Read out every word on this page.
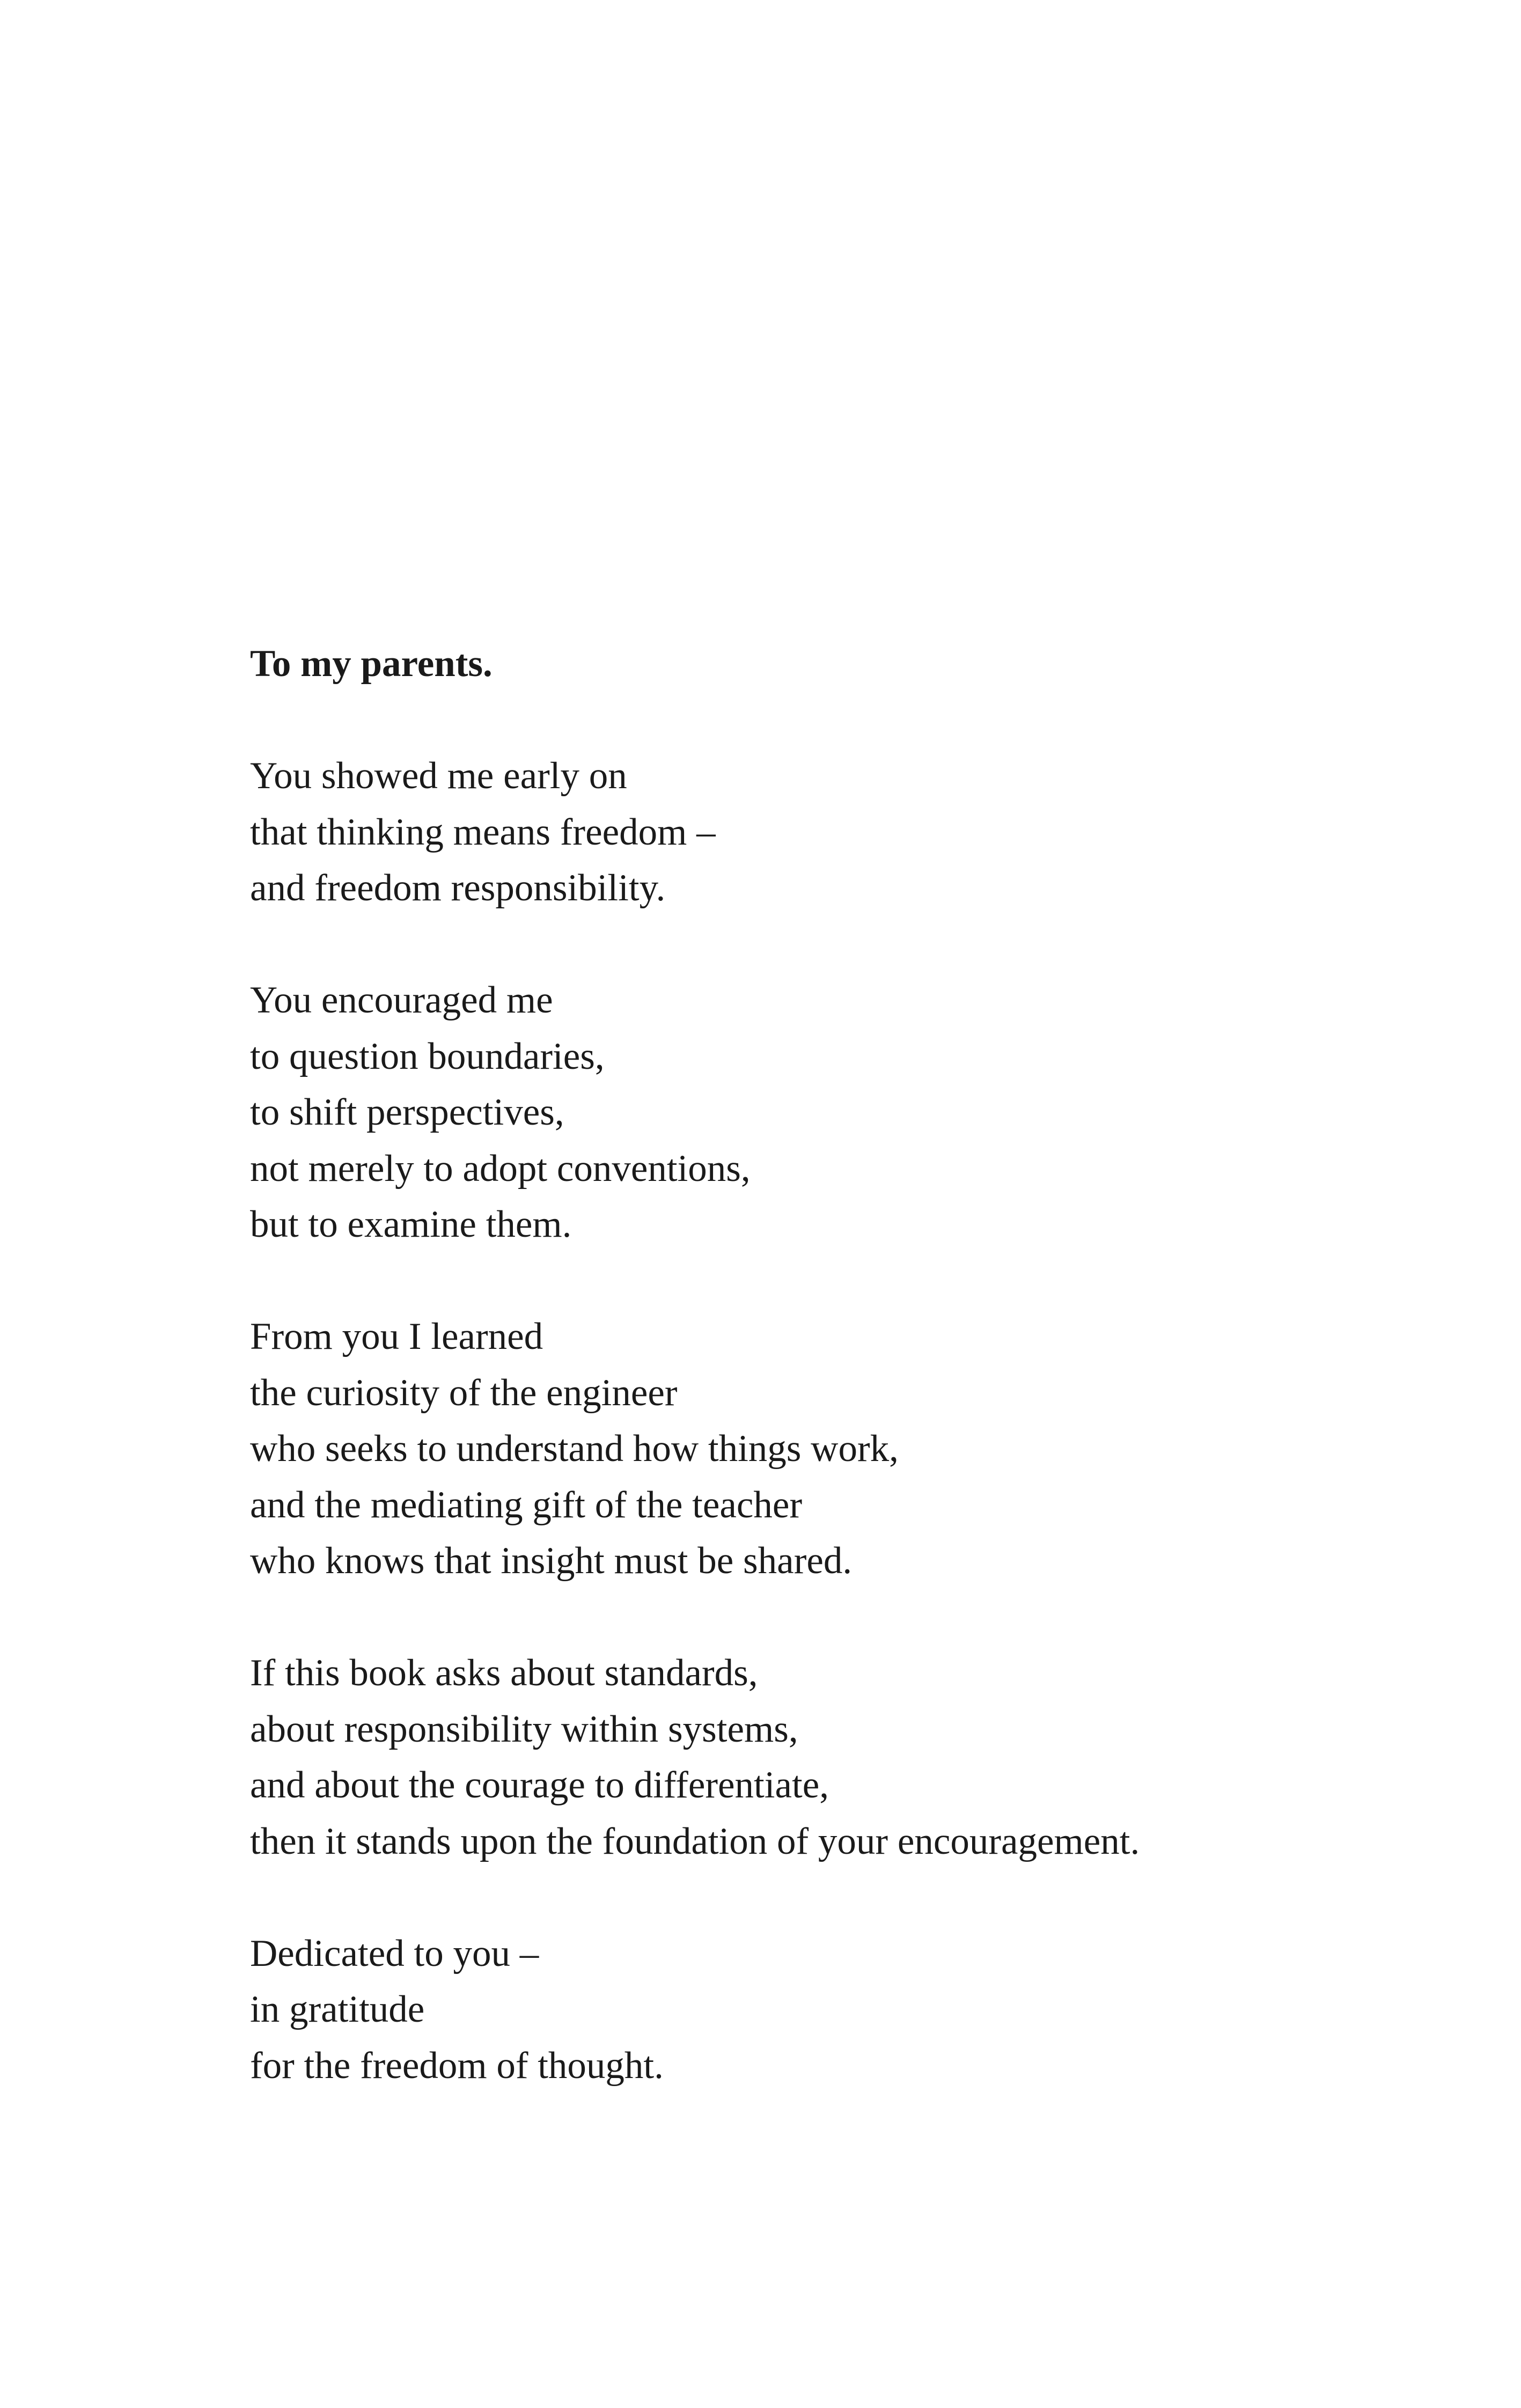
To my parents.

You showed me early on
that thinking means freedom –
and freedom responsibility.

You encouraged me
to question boundaries,
to shift perspectives,
not merely to adopt conventions,
but to examine them.

From you I learned
the curiosity of the engineer
who seeks to understand how things work,
and the mediating gift of the teacher
who knows that insight must be shared.

If this book asks about standards,
about responsibility within systems,
and about the courage to differentiate,
then it stands upon the foundation of your encouragement.

Dedicated to you –
in gratitude
for the freedom of thought.
